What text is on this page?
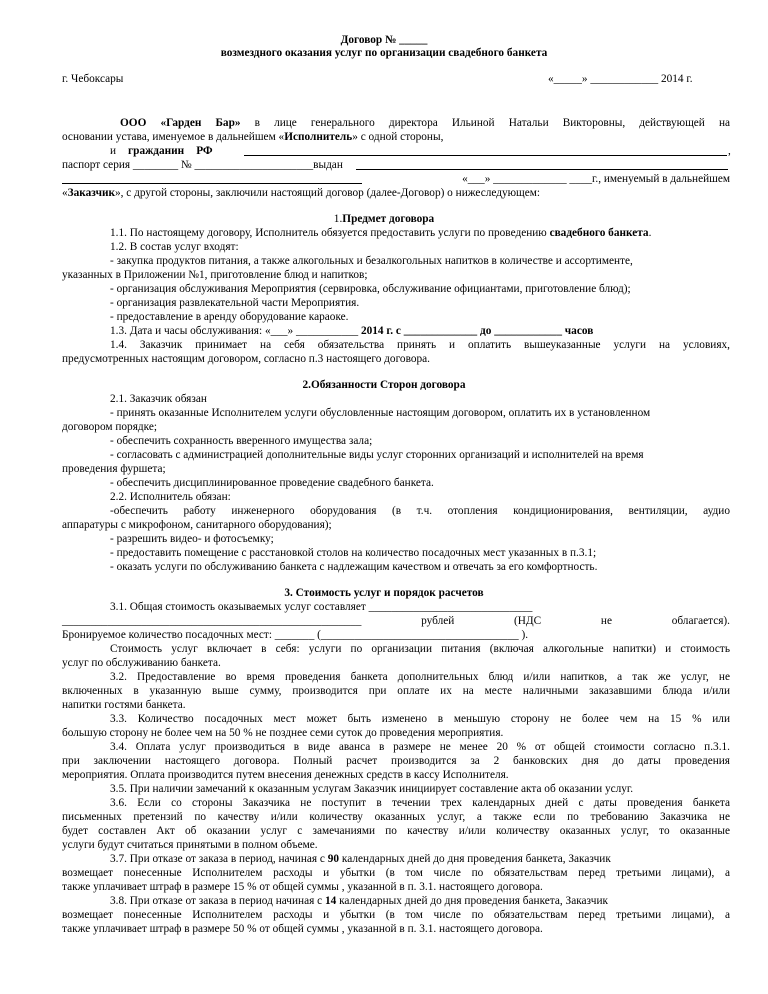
Договор № _____
возмездного оказания услуг по организации свадебного банкета
г. Чебоксары	«_____» ____________ 2014 г.
ООО «Гарден Бар» в лице генерального директора Ильиной Натальи Викторовны, действующей на
основании устава, именуемое в дальнейшем «Исполнитель» с одной стороны,
и гражданин РФ	,
паспорт серия ________ № _____________________выдан
«___» _____________ ____г., именуемый в дальнейшем
«Заказчик», с другой стороны, заключили настоящий договор (далее-Договор) о нижеследующем:
1.Предмет договора
1.1. По настоящему договору, Исполнитель обязуется предоставить услуги по проведению свадебного банкета.
1.2. В состав услуг входят:
- закупка продуктов питания, а также алкогольных и безалкогольных напитков в количестве и ассортименте,
указанных в Приложении №1, приготовление блюд и напитков;
- организация обслуживания Мероприятия (сервировка, обслуживание официантами, приготовление блюд);
- организация развлекательной части Мероприятия.
- предоставление в аренду оборудование караоке.
1.3. Дата и часы обслуживания: «___» ___________ 2014 г. с _____________ до ____________ часов
1.4. Заказчик принимает на себя обязательства принять и оплатить вышеуказанные услуги на условиях,
предусмотренных настоящим договором, согласно п.3 настоящего договора.
2.Обязанности Сторон договора
2.1. Заказчик обязан
- принять оказанные Исполнителем услуги обусловленные настоящим договором, оплатить их в установленном
договором порядке;
- обеспечить сохранность вверенного имущества зала;
- согласовать с администрацией дополнительные виды услуг сторонних организаций и исполнителей на время
проведения фуршета;
- обеспечить дисциплинированное проведение свадебного банкета.
2.2. Исполнитель обязан:
-обеспечить работу инженерного оборудования (в т.ч. отопления кондиционирования, вентиляции, аудио
аппаратуры с микрофоном, санитарного оборудования);
- разрешить видео- и фотосъемку;
- предоставить помещение с расстановкой столов на количество посадочных мест указанных в п.3.1;
- оказать услуги по обслуживанию банкета с надлежащим качеством и отвечать за его комфортность.
3. Стоимость услуг и порядок расчетов
3.1. Общая стоимость оказываемых услуг составляет _____________________________
_____________________________________________________ рублей (НДС не облагается).
Бронируемое количество посадочных мест: _______ (___________________________________ ).
Стоимость услуг включает в себя: услуги по организации питания (включая алкогольные напитки) и стоимость
услуг по обслуживанию банкета.
3.2. Предоставление во время проведения банкета дополнительных блюд и/или напитков, а так же услуг, не
включенных в указанную выше сумму, производится при оплате их на месте наличными заказавшими блюда и/или
напитки гостями банкета.
3.3. Количество посадочных мест может быть изменено в меньшую сторону не более чем на 15 % или
большую сторону не более чем на 50 % не позднее семи суток до проведения мероприятия.
3.4. Оплата услуг производиться в виде аванса в размере не менее 20 % от общей стоимости согласно п.3.1.
при заключении настоящего договора. Полный расчет производится за 2 банковских дня до даты проведения
мероприятия. Оплата производится путем внесения денежных средств в кассу Исполнителя.
3.5. При наличии замечаний к оказанным услугам Заказчик инициирует составление акта об оказании услуг.
3.6. Если со стороны Заказчика не поступит в течении трех календарных дней с даты проведения банкета
письменных претензий по качеству и/или количеству оказанных услуг, а также если по требованию Заказчика не
будет составлен Акт об оказании услуг с замечаниями по качеству и/или количеству оказанных услуг, то оказанные
услуги будут считаться принятыми в полном объеме.
3.7. При отказе от заказа в период, начиная с 90 календарных дней до дня проведения банкета, Заказчик
возмещает понесенные Исполнителем расходы и убытки (в том числе по обязательствам перед третьими лицами), а
также уплачивает штраф в размере 15 % от общей суммы , указанной в п. 3.1. настоящего договора.
3.8. При отказе от заказа в период начиная с 14 календарных дней до дня проведения банкета, Заказчик
возмещает понесенные Исполнителем расходы и убытки (в том числе по обязательствам перед третьими лицами), а
также уплачивает штраф в размере 50 % от общей суммы , указанной в п. 3.1. настоящего договора.
